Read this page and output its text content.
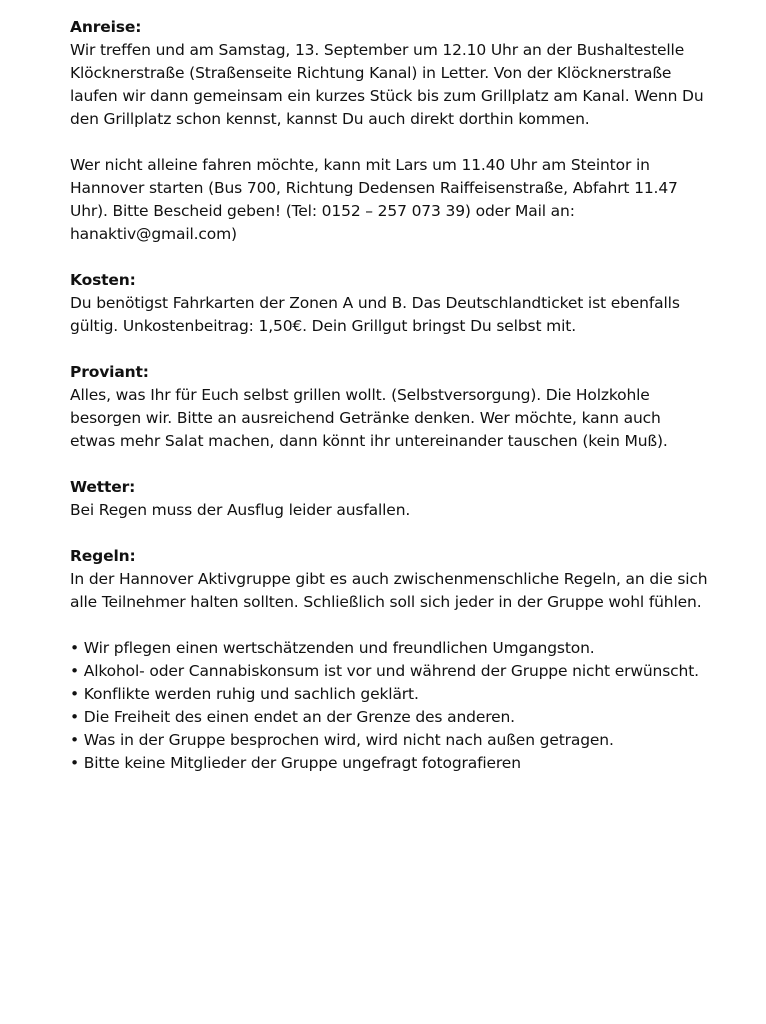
Anreise:
Wir treffen und am Samstag, 13. September um 12.10 Uhr an der Bushaltestelle Klöcknerstraße (Straßenseite Richtung Kanal) in Letter. Von der Klöcknerstraße laufen wir dann gemeinsam ein kurzes Stück bis zum Grillplatz am Kanal. Wenn Du den Grillplatz schon kennst, kannst Du auch direkt dorthin kommen.
Wer nicht alleine fahren möchte, kann mit Lars um 11.40 Uhr am Steintor in Hannover starten (Bus 700, Richtung Dedensen Raiffeisenstraße, Abfahrt 11.47 Uhr). Bitte Bescheid geben! (Tel: 0152 – 257 073 39) oder Mail an: hanaktiv@gmail.com)
Kosten:
Du benötigst Fahrkarten der Zonen A und B. Das Deutschlandticket ist ebenfalls gültig. Unkostenbeitrag: 1,50€. Dein Grillgut bringst Du selbst mit.
Proviant:
Alles, was Ihr für Euch selbst grillen wollt. (Selbstversorgung). Die Holzkohle besorgen wir. Bitte an ausreichend Getränke denken. Wer möchte, kann auch etwas mehr Salat machen, dann könnt ihr untereinander tauschen (kein Muß).
Wetter:
Bei Regen muss der Ausflug leider ausfallen.
Regeln:
In der Hannover Aktivgruppe gibt es auch zwischenmenschliche Regeln, an die sich alle Teilnehmer halten sollten. Schließlich soll sich jeder in der Gruppe wohl fühlen.
• Wir pflegen einen wertschätzenden und freundlichen Umgangston.
• Alkohol- oder Cannabiskonsum ist vor und während der Gruppe nicht erwünscht.
• Konflikte werden ruhig und sachlich geklärt.
• Die Freiheit des einen endet an der Grenze des anderen.
• Was in der Gruppe besprochen wird, wird nicht nach außen getragen.
• Bitte keine Mitglieder der Gruppe ungefragt fotografieren
